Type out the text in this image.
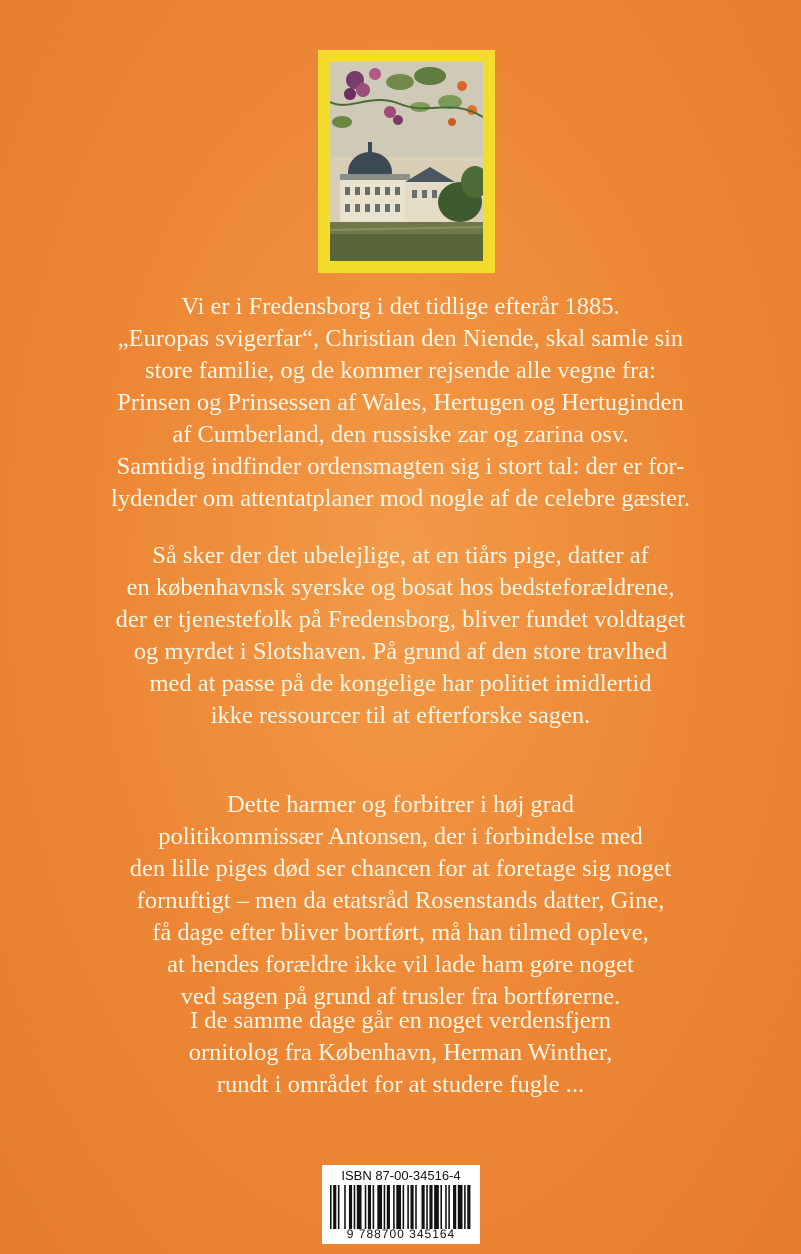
Vi er i Fredensborg i det tidlige efterår 1885.
„Europas svigerfar“, Christian den Niende, skal samle sin
store familie, og de kommer rejsende alle vegne fra:
Prinsen og Prinsessen af Wales, Hertugen og Hertuginden
af Cumberland, den russiske zar og zarina osv.
Samtidig indfinder ordensmagten sig i stort tal: der er for-
lydender om attentatplaner mod nogle af de celebre gæster.

Så sker der det ubelejlige, at en tiårs pige, datter af
en københavnsk syerske og bosat hos bedsteforældrene,
der er tjenestefolk på Fredensborg, bliver fundet voldtaget
og myrdet i Slotshaven. På grund af den store travlhed
med at passe på de kongelige har politiet imidlertid
ikke ressourcer til at efterforske sagen.

Dette harmer og forbitrer i høj grad
politikommissær Antonsen, der i forbindelse med
den lille piges død ser chancen for at foretage sig noget
fornuftigt – men da etatsråd Rosenstands datter, Gine,
få dage efter bliver bortført, må han tilmed opleve,
at hendes forældre ikke vil lade ham gøre noget
ved sagen på grund af trusler fra bortførerne.

I de samme dage går en noget verdensfjern
ornitolog fra København, Herman Winther,
rundt i området for at studere fugle ...

ISBN 87-00-34516-4
9 788700 345164
